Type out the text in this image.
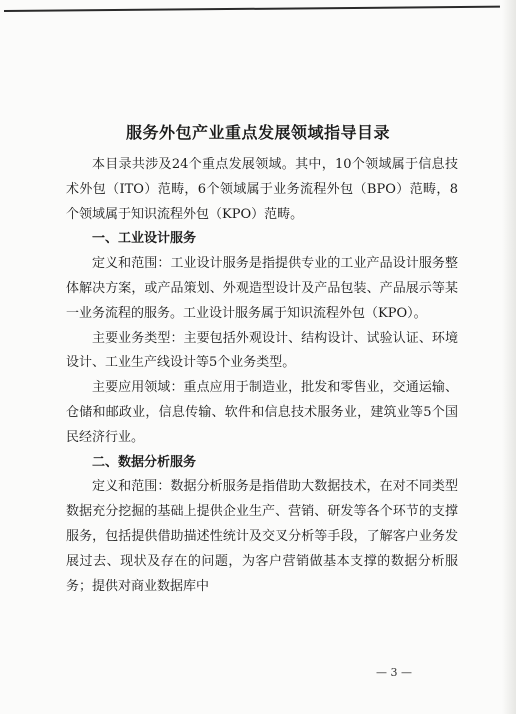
服务外包产业重点发展领域指导目录

本目录共涉及24个重点发展领域。其中，10个领域属于信息技术外包（ITO）范畴，6个领域属于业务流程外包（BPO）范畴，8个领域属于知识流程外包（KPO）范畴。

一、工业设计服务

定义和范围：工业设计服务是指提供专业的工业产品设计服务整体解决方案，或产品策划、外观造型设计及产品包装、产品展示等某一业务流程的服务。工业设计服务属于知识流程外包（KPO）。

主要业务类型：主要包括外观设计、结构设计、试验认证、环境设计、工业生产线设计等5个业务类型。

主要应用领域：重点应用于制造业，批发和零售业，交通运输、仓储和邮政业，信息传输、软件和信息技术服务业，建筑业等5个国民经济行业。

二、数据分析服务

定义和范围：数据分析服务是指借助大数据技术，在对不同类型数据充分挖掘的基础上提供企业生产、营销、研发等各个环节的支撑服务，包括提供借助描述性统计及交叉分析等手段，了解客户业务发展过去、现状及存在的问题，为客户营销做基本支撑的数据分析服务；提供对商业数据库中

— 3 —
